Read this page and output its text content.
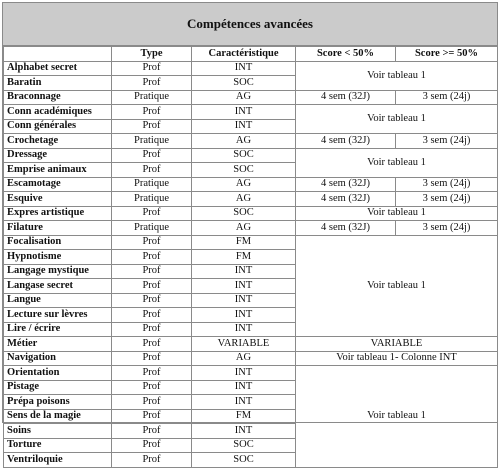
Compétences avancées
	Type	Caractéristique	Score < 50%	Score >= 50%
Alphabet secret	Prof	INT	Voir tableau 1	
Baratin	Prof	SOC		
Braconnage	Pratique	AG	4 sem (32J)	3 sem (24j)
Conn académiques	Prof	INT	Voir tableau 1	
Conn générales	Prof	INT		
Crochetage	Pratique	AG	4 sem (32J)	3 sem (24j)
Dressage	Prof	SOC	Voir tableau 1	
Emprise animaux	Prof	SOC		
Escamotage	Pratique	AG	4 sem (32J)	3 sem (24j)
Esquive	Pratique	AG	4 sem (32J)	3 sem (24j)
Expres artistique	Prof	SOC	Voir tableau 1	
Filature	Pratique	AG	4 sem (32J)	3 sem (24j)
Focalisation	Prof	FM	Voir tableau 1	
Hypnotisme	Prof	FM		
Langage mystique	Prof	INT		
Langase secret	Prof	INT		
Langue	Prof	INT		
Lecture sur lèvres	Prof	INT		
Lire / écrire	Prof	INT		
Métier	Prof	VARIABLE	VARIABLE	
Navigation	Prof	AG	Voir tableau 1- Colonne INT	
Orientation	Prof	INT	Voir tableau 1	
Pistage	Prof	INT		
Prépa poisons	Prof	INT		
Sens de la magie	Prof	FM		
Soins	Prof	INT		
Torture	Prof	SOC		
Ventriloquie	Prof	SOC		
